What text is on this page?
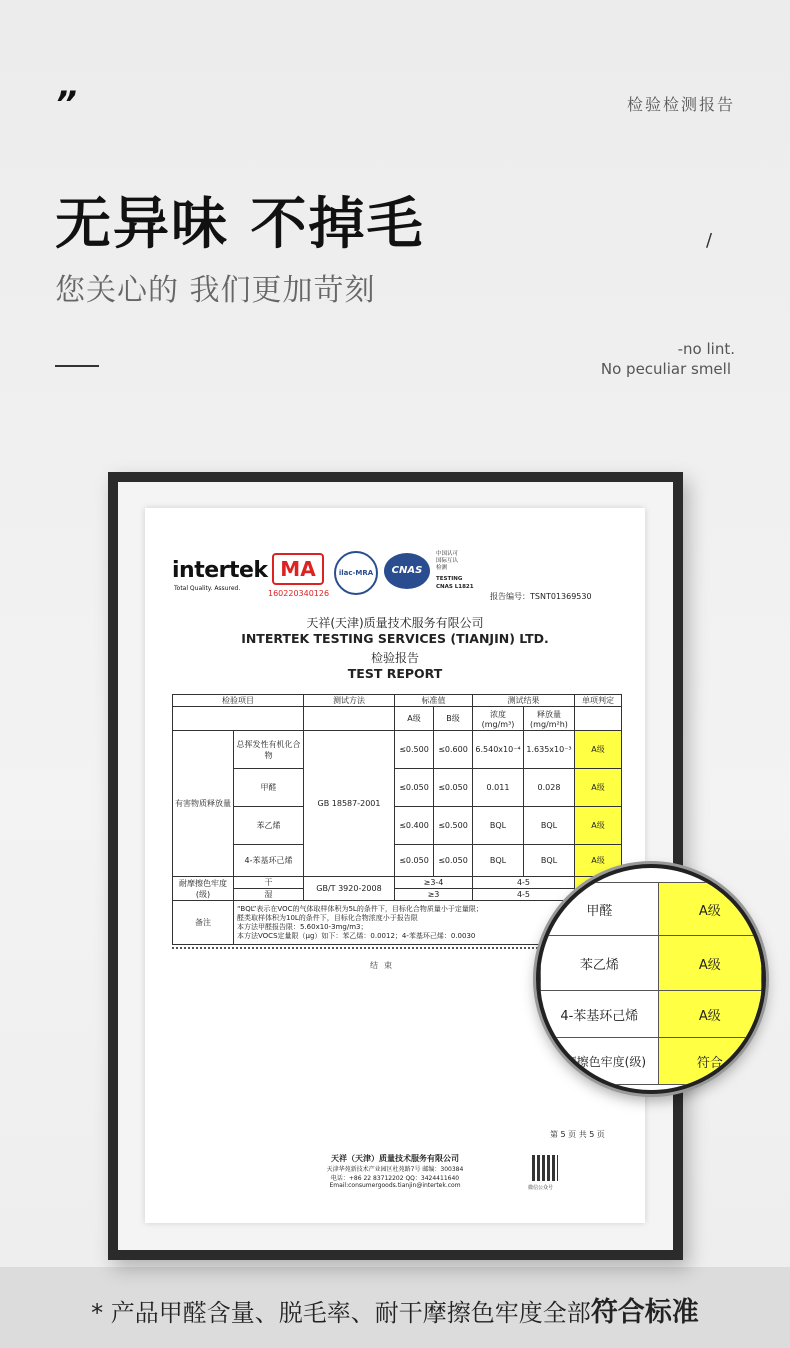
”	检验检测报告
无异味 不掉毛	/
您关心的 我们更加苛刻
-no lint.
No peculiar smell
intertek
Total Quality. Assured.
MA
160220340126
ilac-MRA	CNAS
中国认可
国际互认
检测
TESTING
CNAS L1821
报告编号：TSNT01369530
天祥(天津)质量技术服务有限公司
INTERTEK TESTING SERVICES (TIANJIN) LTD.
检验报告
TEST REPORT
检验项目		测试方法	标准值		测试结果		单项判定
			A级	B级	浓度 (mg/m³)	释放量 (mg/m²h)	
有害物质释放量	总挥发性有机化合物	GB 18587-2001	≤0.500	≤0.600	6.540x10⁻⁴	1.635x10⁻³	A级
	甲醛		≤0.050	≤0.050	0.011	0.028	A级
	苯乙烯		≤0.400	≤0.500	BQL	BQL	A级
	4-苯基环己烯		≤0.050	≤0.050	BQL	BQL	A级
耐摩擦色牢度(级)	干	GB/T 3920-2008	≥3-4		4-5		
	湿		≥3		4-5		
备注	“BQL”表示在VOC的气体取样体积为5L的条件下，目标化合物质量小于定量限；
醛类取样体积为10L的条件下，目标化合物浓度小于报告限
本方法甲醛报告限：5.60x10-3mg/m3；
本方法VOCS定量限（μg）如下：苯乙烯：0.0012；4-苯基环己烯：0.0030						
结束
第 5 页 共 5 页
天祥（天津）质量技术服务有限公司
天津华苑新技术产业园区杜苑路7号 邮编：300384
电话：+86 22 83712202 QQ：3424411640
Email:consumergoods.tianjin@intertek.com	微信公众号
甲醛	A级
苯乙烯	A级
4-苯基环己烯	A级
耐摩擦色牢度(级)	符合
* 产品甲醛含量、脱毛率、耐干摩擦色牢度全部符合标准
